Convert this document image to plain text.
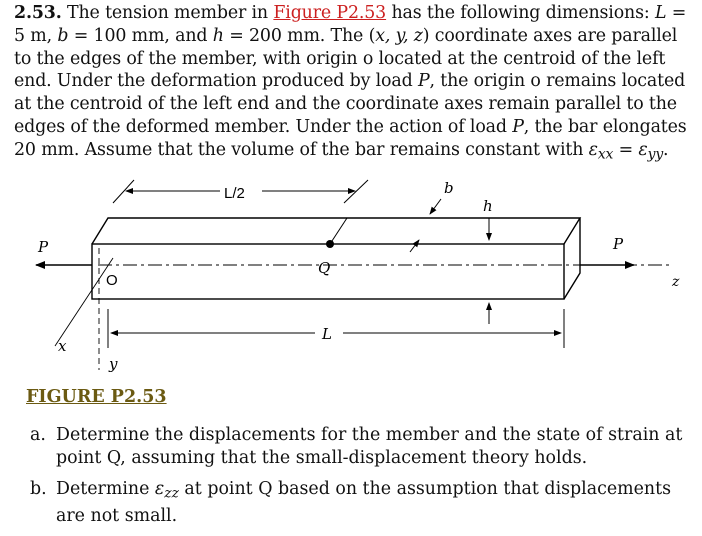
2.53. The tension member in Figure P2.53 has the following dimensions: L = 5 m, b = 100 mm, and h = 200 mm. The (x, y, z) coordinate axes are parallel to the edges of the member, with origin o located at the centroid of the left end. Under the deformation produced by load P, the origin o remains located at the centroid of the left end and the coordinate axes remain parallel to the edges of the deformed member. Under the action of load P, the bar elongates 20 mm. Assume that the volume of the bar remains constant with $\varepsilon_{xx} = \varepsilon_{yy}$.
L/2	b
h
P	P
O
Q
z
x
y
L
FIGURE P2.53
a. Determine the displacements for the member and the state of strain at point Q, assuming that the small-displacement theory holds.
b. Determine $\varepsilon_{zz}$ at point Q based on the assumption that displacements are not small.
